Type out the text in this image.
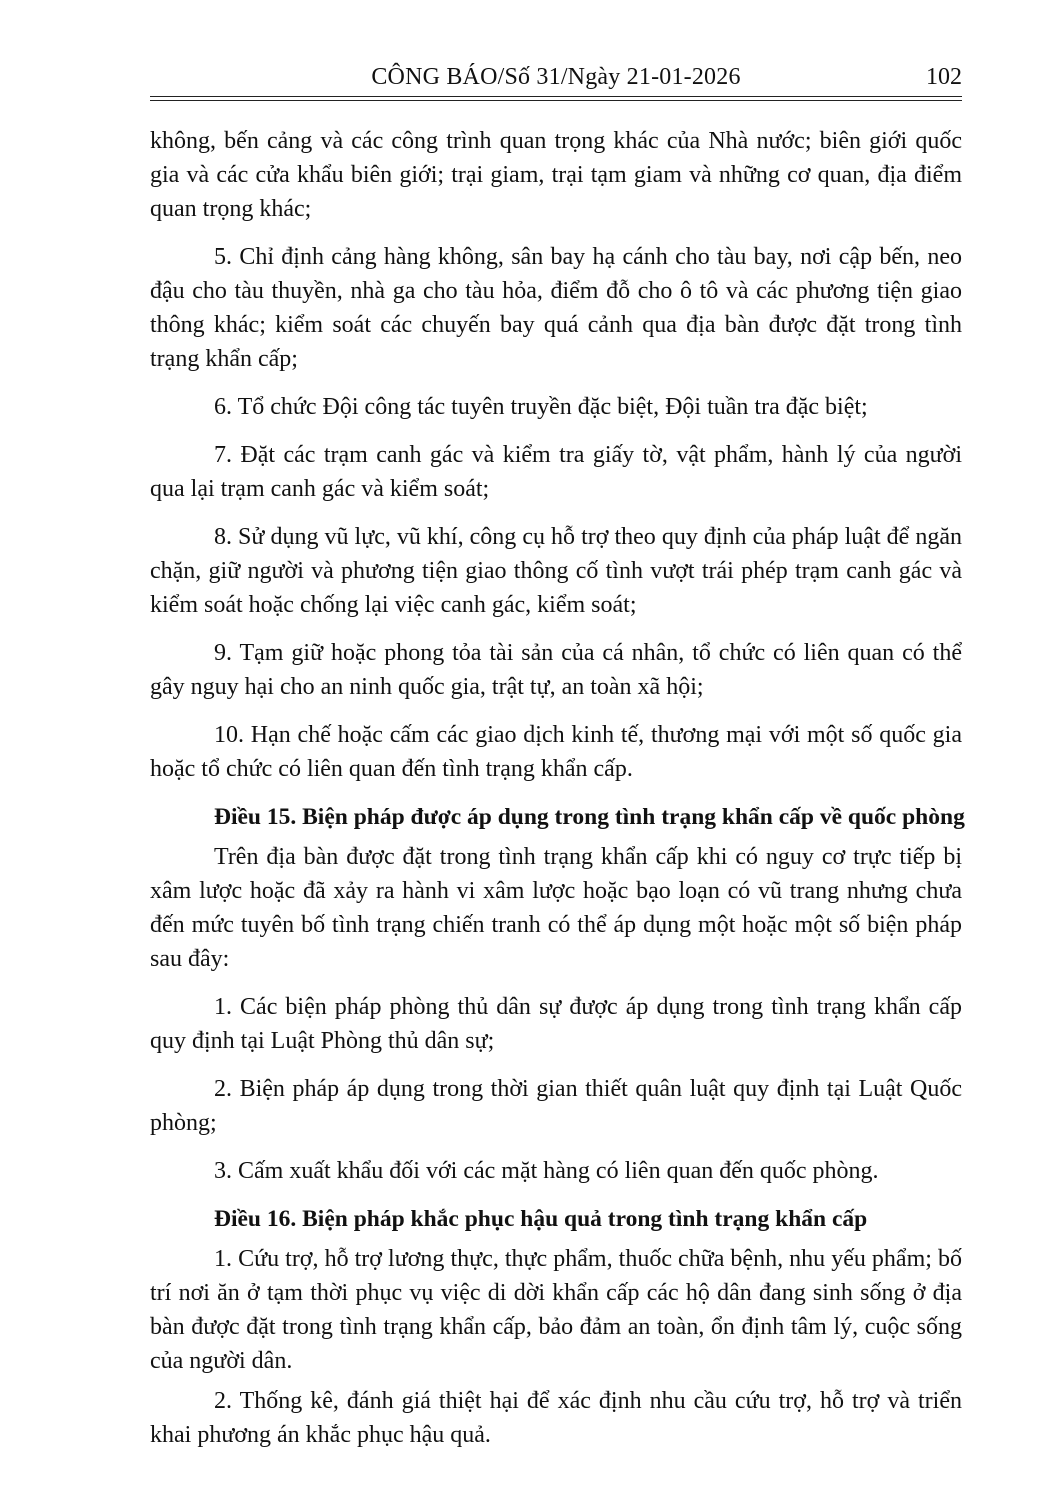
CÔNG BÁO/Số 31/Ngày 21-01-2026	102

không, bến cảng và các công trình quan trọng khác của Nhà nước; biên giới quốc gia và các cửa khẩu biên giới; trại giam, trại tạm giam và những cơ quan, địa điểm quan trọng khác;

5. Chỉ định cảng hàng không, sân bay hạ cánh cho tàu bay, nơi cập bến, neo đậu cho tàu thuyền, nhà ga cho tàu hỏa, điểm đỗ cho ô tô và các phương tiện giao thông khác; kiểm soát các chuyến bay quá cảnh qua địa bàn được đặt trong tình trạng khẩn cấp;

6. Tổ chức Đội công tác tuyên truyền đặc biệt, Đội tuần tra đặc biệt;

7. Đặt các trạm canh gác và kiểm tra giấy tờ, vật phẩm, hành lý của người qua lại trạm canh gác và kiểm soát;

8. Sử dụng vũ lực, vũ khí, công cụ hỗ trợ theo quy định của pháp luật để ngăn chặn, giữ người và phương tiện giao thông cố tình vượt trái phép trạm canh gác và kiểm soát hoặc chống lại việc canh gác, kiểm soát;

9. Tạm giữ hoặc phong tỏa tài sản của cá nhân, tổ chức có liên quan có thể gây nguy hại cho an ninh quốc gia, trật tự, an toàn xã hội;

10. Hạn chế hoặc cấm các giao dịch kinh tế, thương mại với một số quốc gia hoặc tổ chức có liên quan đến tình trạng khẩn cấp.

Điều 15. Biện pháp được áp dụng trong tình trạng khẩn cấp về quốc phòng

Trên địa bàn được đặt trong tình trạng khẩn cấp khi có nguy cơ trực tiếp bị xâm lược hoặc đã xảy ra hành vi xâm lược hoặc bạo loạn có vũ trang nhưng chưa đến mức tuyên bố tình trạng chiến tranh có thể áp dụng một hoặc một số biện pháp sau đây:

1. Các biện pháp phòng thủ dân sự được áp dụng trong tình trạng khẩn cấp quy định tại Luật Phòng thủ dân sự;

2. Biện pháp áp dụng trong thời gian thiết quân luật quy định tại Luật Quốc phòng;

3. Cấm xuất khẩu đối với các mặt hàng có liên quan đến quốc phòng.

Điều 16. Biện pháp khắc phục hậu quả trong tình trạng khẩn cấp

1. Cứu trợ, hỗ trợ lương thực, thực phẩm, thuốc chữa bệnh, nhu yếu phẩm; bố trí nơi ăn ở tạm thời phục vụ việc di dời khẩn cấp các hộ dân đang sinh sống ở địa bàn được đặt trong tình trạng khẩn cấp, bảo đảm an toàn, ổn định tâm lý, cuộc sống của người dân.

2. Thống kê, đánh giá thiệt hại để xác định nhu cầu cứu trợ, hỗ trợ và triển khai phương án khắc phục hậu quả.
